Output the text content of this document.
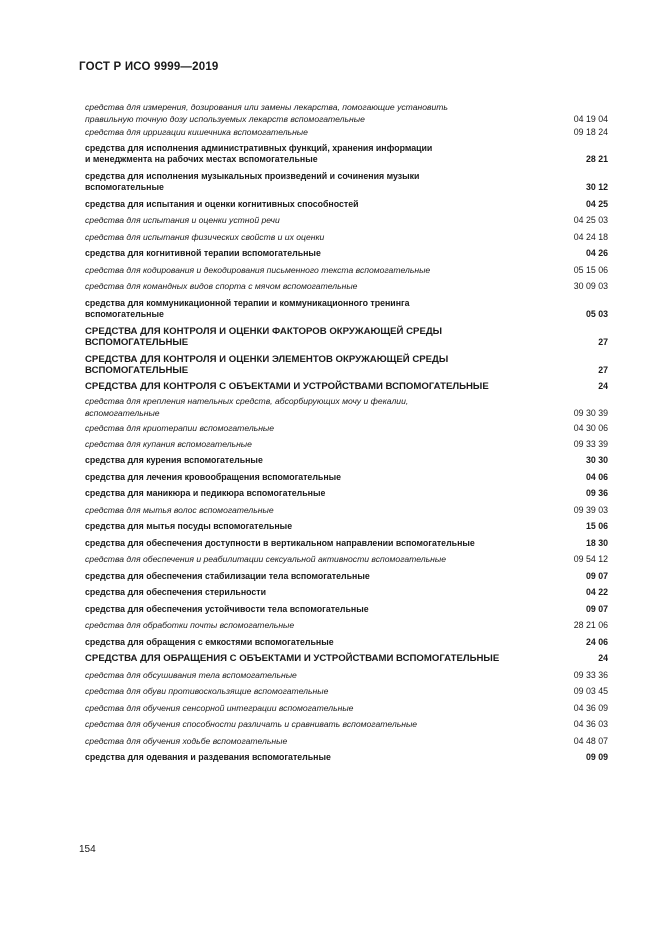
ГОСТ Р ИСО 9999—2019
средства для измерения, дозирования или замены лекарства, помогающие установить
правильную точную дозу используемых лекарств вспомогательные	04 19 04
средства для ирригации кишечника вспомогательные	09 18 24
средства для исполнения административных функций, хранения информации
и менеджмента на рабочих местах вспомогательные	28 21
средства для исполнения музыкальных произведений и сочинения музыки
вспомогательные	30 12
средства для испытания и оценки когнитивных способностей	04 25
средства для испытания и оценки устной речи	04 25 03
средства для испытания физических свойств и их оценки	04 24 18
средства для когнитивной терапии вспомогательные	04 26
средства для кодирования и декодирования письменного текста вспомогательные	05 15 06
средства для командных видов спорта с мячом вспомогательные	30 09 03
средства для коммуникационной терапии и коммуникационного тренинга
вспомогательные	05 03
СРЕДСТВА ДЛЯ КОНТРОЛЯ И ОЦЕНКИ ФАКТОРОВ ОКРУЖАЮЩЕЙ СРЕДЫ
ВСПОМОГАТЕЛЬНЫЕ	27
СРЕДСТВА ДЛЯ КОНТРОЛЯ И ОЦЕНКИ ЭЛЕМЕНТОВ ОКРУЖАЮЩЕЙ СРЕДЫ
ВСПОМОГАТЕЛЬНЫЕ	27
СРЕДСТВА ДЛЯ КОНТРОЛЯ С ОБЪЕКТАМИ И УСТРОЙСТВАМИ ВСПОМОГАТЕЛЬНЫЕ	24
средства для крепления нательных средств, абсорбирующих мочу и фекалии,
вспомогательные	09 30 39
средства для криотерапии вспомогательные	04 30 06
средства для купания вспомогательные	09 33 39
средства для курения вспомогательные	30 30
средства для лечения кровообращения вспомогательные	04 06
средства для маникюра и педикюра вспомогательные	09 36
средства для мытья волос вспомогательные	09 39 03
средства для мытья посуды вспомогательные	15 06
средства для обеспечения доступности в вертикальном направлении вспомогательные	18 30
средства для обеспечения и реабилитации сексуальной активности вспомогательные	09 54 12
средства для обеспечения стабилизации тела вспомогательные	09 07
средства для обеспечения стерильности	04 22
средства для обеспечения устойчивости тела вспомогательные	09 07
средства для обработки почты вспомогательные	28 21 06
средства для обращения с емкостями вспомогательные	24 06
СРЕДСТВА ДЛЯ ОБРАЩЕНИЯ С ОБЪЕКТАМИ И УСТРОЙСТВАМИ ВСПОМОГАТЕЛЬНЫЕ	24
средства для обсушивания тела вспомогательные	09 33 36
средства для обуви противоскользящие вспомогательные	09 03 45
средства для обучения сенсорной интеграции вспомогательные	04 36 09
средства для обучения способности различать и сравнивать вспомогательные	04 36 03
средства для обучения ходьбе вспомогательные	04 48 07
средства для одевания и раздевания вспомогательные	09 09
154
